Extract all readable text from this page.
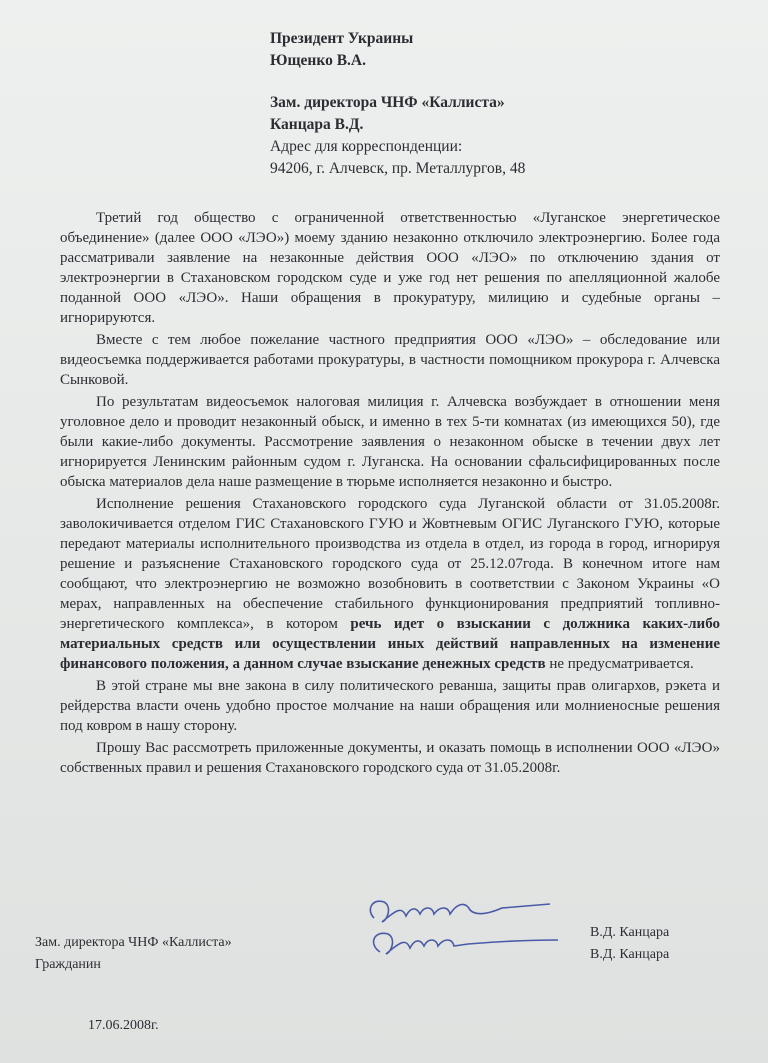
Президент Украины
Ющенко В.А.
Зам. директора ЧНФ «Каллиста»
Канцара В.Д.
Адрес для корреспонденции:
94206, г. Алчевск, пр. Металлургов, 48

Третий год общество с ограниченной ответственностью «Луганское энергетическое объединение» (далее ООО «ЛЭО») моему зданию незаконно отключило электроэнергию. Более года рассматривали заявление на незаконные действия ООО «ЛЭО» по отключению здания от электроэнергии в Стахановском городском суде и уже год нет решения по апелляционной жалобе поданной ООО «ЛЭО». Наши обращения в прокуратуру, милицию и судебные органы – игнорируются.

Вместе с тем любое пожелание частного предприятия ООО «ЛЭО» – обследование или видеосъемка поддерживается работами прокуратуры, в частности помощником прокурора г. Алчевска Сынковой.

По результатам видеосъемок налоговая милиция г. Алчевска возбуждает в отношении меня уголовное дело и проводит незаконный обыск, и именно в тех 5-ти комнатах (из имеющихся 50), где были какие-либо документы. Рассмотрение заявления о незаконном обыске в течении двух лет игнорируется Ленинским районным судом г. Луганска. На основании сфальсифицированных после обыска материалов дела наше размещение в тюрьме исполняется незаконно и быстро.

Исполнение решения Стахановского городского суда Луганской области от 31.05.2008г. заволокичивается отделом ГИС Стахановского ГУЮ и Жовтневым ОГИС Луганского ГУЮ, которые передают материалы исполнительного производства из отдела в отдел, из города в город, игнорируя решение и разъяснение Стахановского городского суда от 25.12.07года. В конечном итоге нам сообщают, что электроэнергию не возможно возобновить в соответствии с Законом Украины «О мерах, направленных на обеспечение стабильного функционирования предприятий топливно-энергетического комплекса», в котором речь идет о взыскании с должника каких-либо материальных средств или осуществлении иных действий направленных на изменение финансового положения, а данном случае взыскание денежных средств не предусматривается.

В этой стране мы вне закона в силу политического реванша, защиты прав олигархов, рэкета и рейдерства власти очень удобно простое молчание на наши обращения или молниеносные решения под ковром в нашу сторону.

Прошу Вас рассмотреть приложенные документы, и оказать помощь в исполнении ООО «ЛЭО» собственных правил и решения Стахановского городского суда от 31.05.2008г.

Зам. директора ЧНФ «Каллиста»
Гражданин
В.Д. Канцара
В.Д. Канцара
17.06.2008г.
